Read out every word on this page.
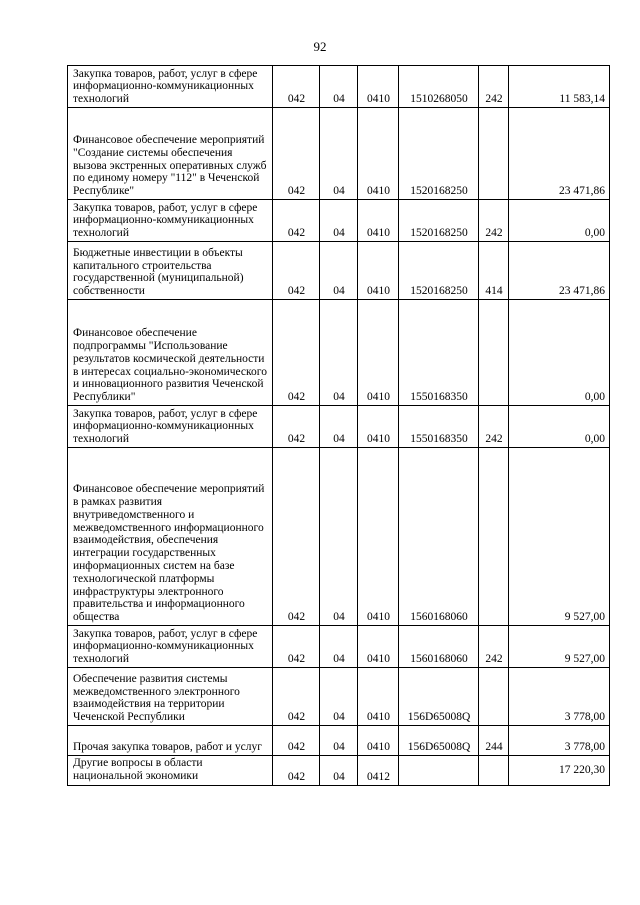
92
Закупка товаров, работ, услуг в сфере информационно-коммуникационных технологий	042	04	0410	1510268050	242	11 583,14
Финансовое обеспечение мероприятий "Создание системы обеспечения вызова экстренных оперативных служб по единому номеру "112" в Чеченской Республике"	042	04	0410	1520168250		23 471,86
Закупка товаров, работ, услуг в сфере информационно-коммуникационных технологий	042	04	0410	1520168250	242	0,00
Бюджетные инвестиции в объекты капитального строительства государственной (муниципальной) собственности	042	04	0410	1520168250	414	23 471,86
Финансовое обеспечение подпрограммы "Использование результатов космической деятельности в интересах социально-экономического и инновационного развития Чеченской Республики"	042	04	0410	1550168350		0,00
Закупка товаров, работ, услуг в сфере информационно-коммуникационных технологий	042	04	0410	1550168350	242	0,00
Финансовое обеспечение мероприятий в рамках развития внутриведомственного и межведомственного информационного взаимодействия, обеспечения интеграции государственных информационных систем на базе технологической платформы инфраструктуры электронного правительства и информационного общества	042	04	0410	1560168060		9 527,00
Закупка товаров, работ, услуг в сфере информационно-коммуникационных технологий	042	04	0410	1560168060	242	9 527,00
Обеспечение развития системы межведомственного электронного взаимодействия на территории Чеченской Республики	042	04	0410	156D65008Q		3 778,00
Прочая закупка товаров, работ и услуг	042	04	0410	156D65008Q	244	3 778,00
Другие вопросы в области национальной экономики	042	04	0412			17 220,30
